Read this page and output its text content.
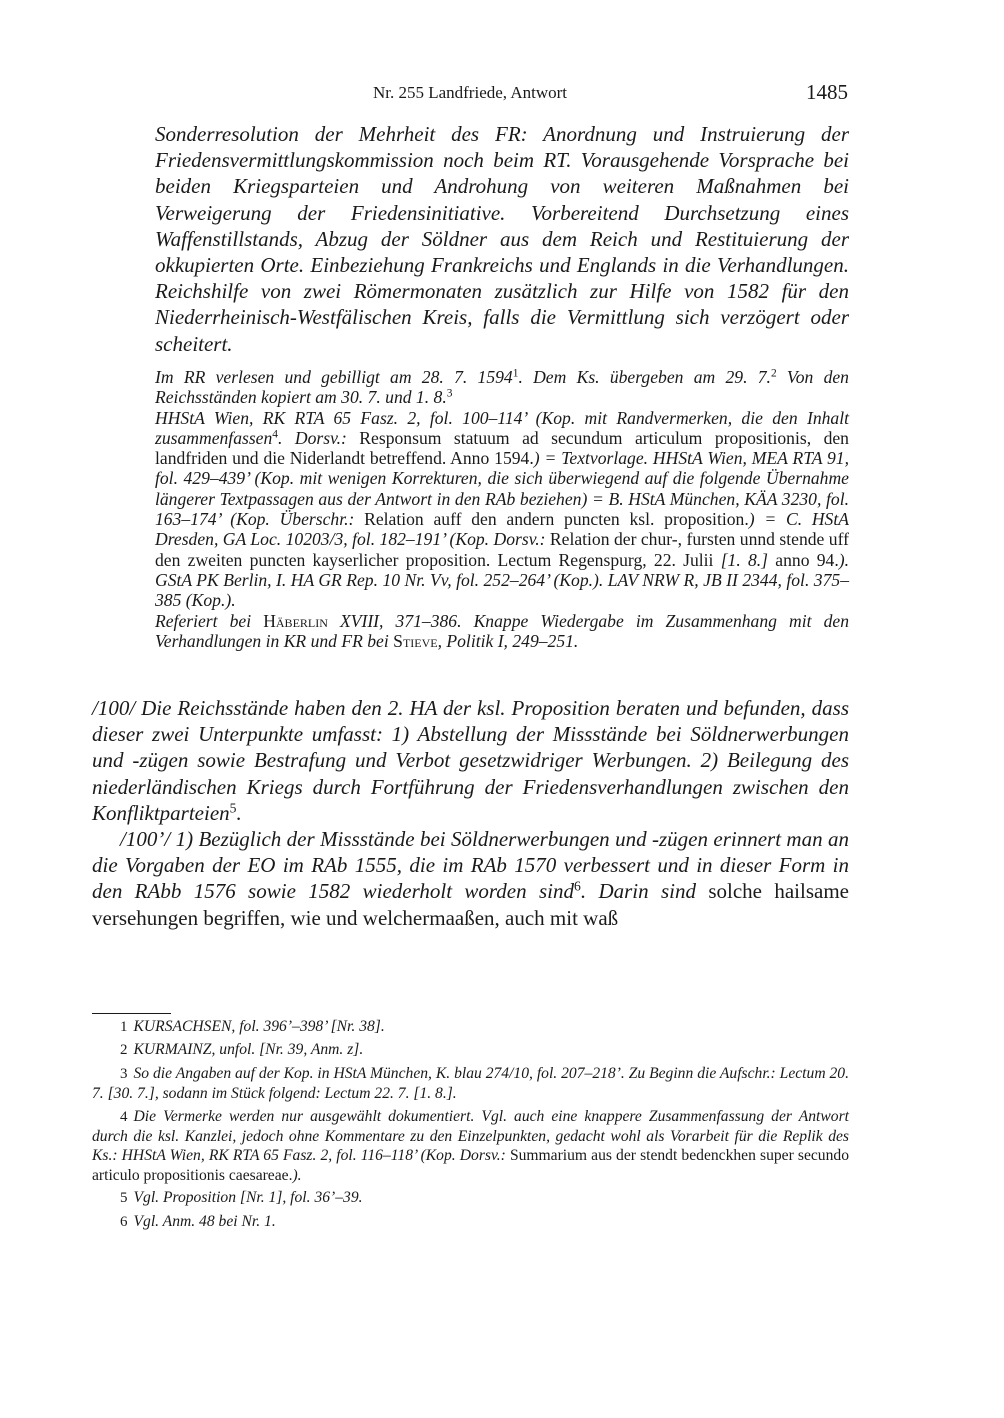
Nr. 255 Landfriede, Antwort	1485
Sonderresolution der Mehrheit des FR: Anordnung und Instruierung der Friedensvermittlungskommission noch beim RT. Vorausgehende Vorsprache bei beiden Kriegsparteien und Androhung von weiteren Maßnahmen bei Verweigerung der Friedensinitiative. Vorbereitend Durchsetzung eines Waffenstillstands, Abzug der Söldner aus dem Reich und Restituierung der okkupierten Orte. Einbeziehung Frankreichs und Englands in die Verhandlungen. Reichshilfe von zwei Römermonaten zusätzlich zur Hilfe von 1582 für den Niederrheinisch-Westfälischen Kreis, falls die Vermittlung sich verzögert oder scheitert.

Im RR verlesen und gebilligt am 28. 7. 1594$^1$. Dem Ks. übergeben am 29. 7.$^2$ Von den Reichsständen kopiert am 30. 7. und 1. 8.$^3$

HHStA Wien, RK RTA 65 Fasz. 2, fol. 100–114’ (Kop. mit Randvermerken, die den Inhalt zusammenfassen$^4$. Dorsv.: Responsum statuum ad secundum articulum propositionis, den landfriden und die Niderlandt betreffend. Anno 1594.) = Textvorlage. HHStA Wien, MEA RTA 91, fol. 429–439’ (Kop. mit wenigen Korrekturen, die sich überwiegend auf die folgende Übernahme längerer Textpassagen aus der Antwort in den RAb beziehen) = B. HStA München, KÄA 3230, fol. 163–174’ (Kop. Überschr.: Relation auff den andern puncten ksl. proposition.) = C. HStA Dresden, GA Loc. 10203/3, fol. 182–191’ (Kop. Dorsv.: Relation der chur-, fursten unnd stende uff den zweiten puncten kayserlicher proposition. Lectum Regenspurg, 22. Julii [1. 8.] anno 94.). GStA PK Berlin, I. HA GR Rep. 10 Nr. Vv, fol. 252–264’ (Kop.). LAV NRW R, JB II 2344, fol. 375–385 (Kop.).

Referiert bei Häberlin XVIII, 371–386. Knappe Wiedergabe im Zusammenhang mit den Verhandlungen in KR und FR bei Stieve, Politik I, 249–251.

/100/ Die Reichsstände haben den 2. HA der ksl. Proposition beraten und befunden, dass dieser zwei Unterpunkte umfasst: 1) Abstellung der Missstände bei Söldnerwerbungen und -zügen sowie Bestrafung und Verbot gesetzwidriger Werbungen. 2) Beilegung des niederländischen Kriegs durch Fortführung der Friedensverhandlungen zwischen den Konfliktparteien$^5$.

/100’/ 1) Bezüglich der Missstände bei Söldnerwerbungen und -zügen erinnert man an die Vorgaben der EO im RAb 1555, die im RAb 1570 verbessert und in dieser Form in den RAbb 1576 sowie 1582 wiederholt worden sind$^6$. Darin sind solche hailsame versehungen begriffen, wie und welchermaaßen, auch mit waß

1 KURSACHSEN, fol. 396’–398’ [Nr. 38].

2 KURMAINZ, unfol. [Nr. 39, Anm. z].

3 So die Angaben auf der Kop. in HStA München, K. blau 274/10, fol. 207–218’. Zu Beginn die Aufschr.: Lectum 20. 7. [30. 7.], sodann im Stück folgend: Lectum 22. 7. [1. 8.].

4 Die Vermerke werden nur ausgewählt dokumentiert. Vgl. auch eine knappere Zusammenfassung der Antwort durch die ksl. Kanzlei, jedoch ohne Kommentare zu den Einzelpunkten, gedacht wohl als Vorarbeit für die Replik des Ks.: HHStA Wien, RK RTA 65 Fasz. 2, fol. 116–118’ (Kop. Dorsv.: Summarium aus der stendt bedenckhen super secundo articulo propositionis caesareae.).

5 Vgl. Proposition [Nr. 1], fol. 36’–39.

6 Vgl. Anm. 48 bei Nr. 1.
